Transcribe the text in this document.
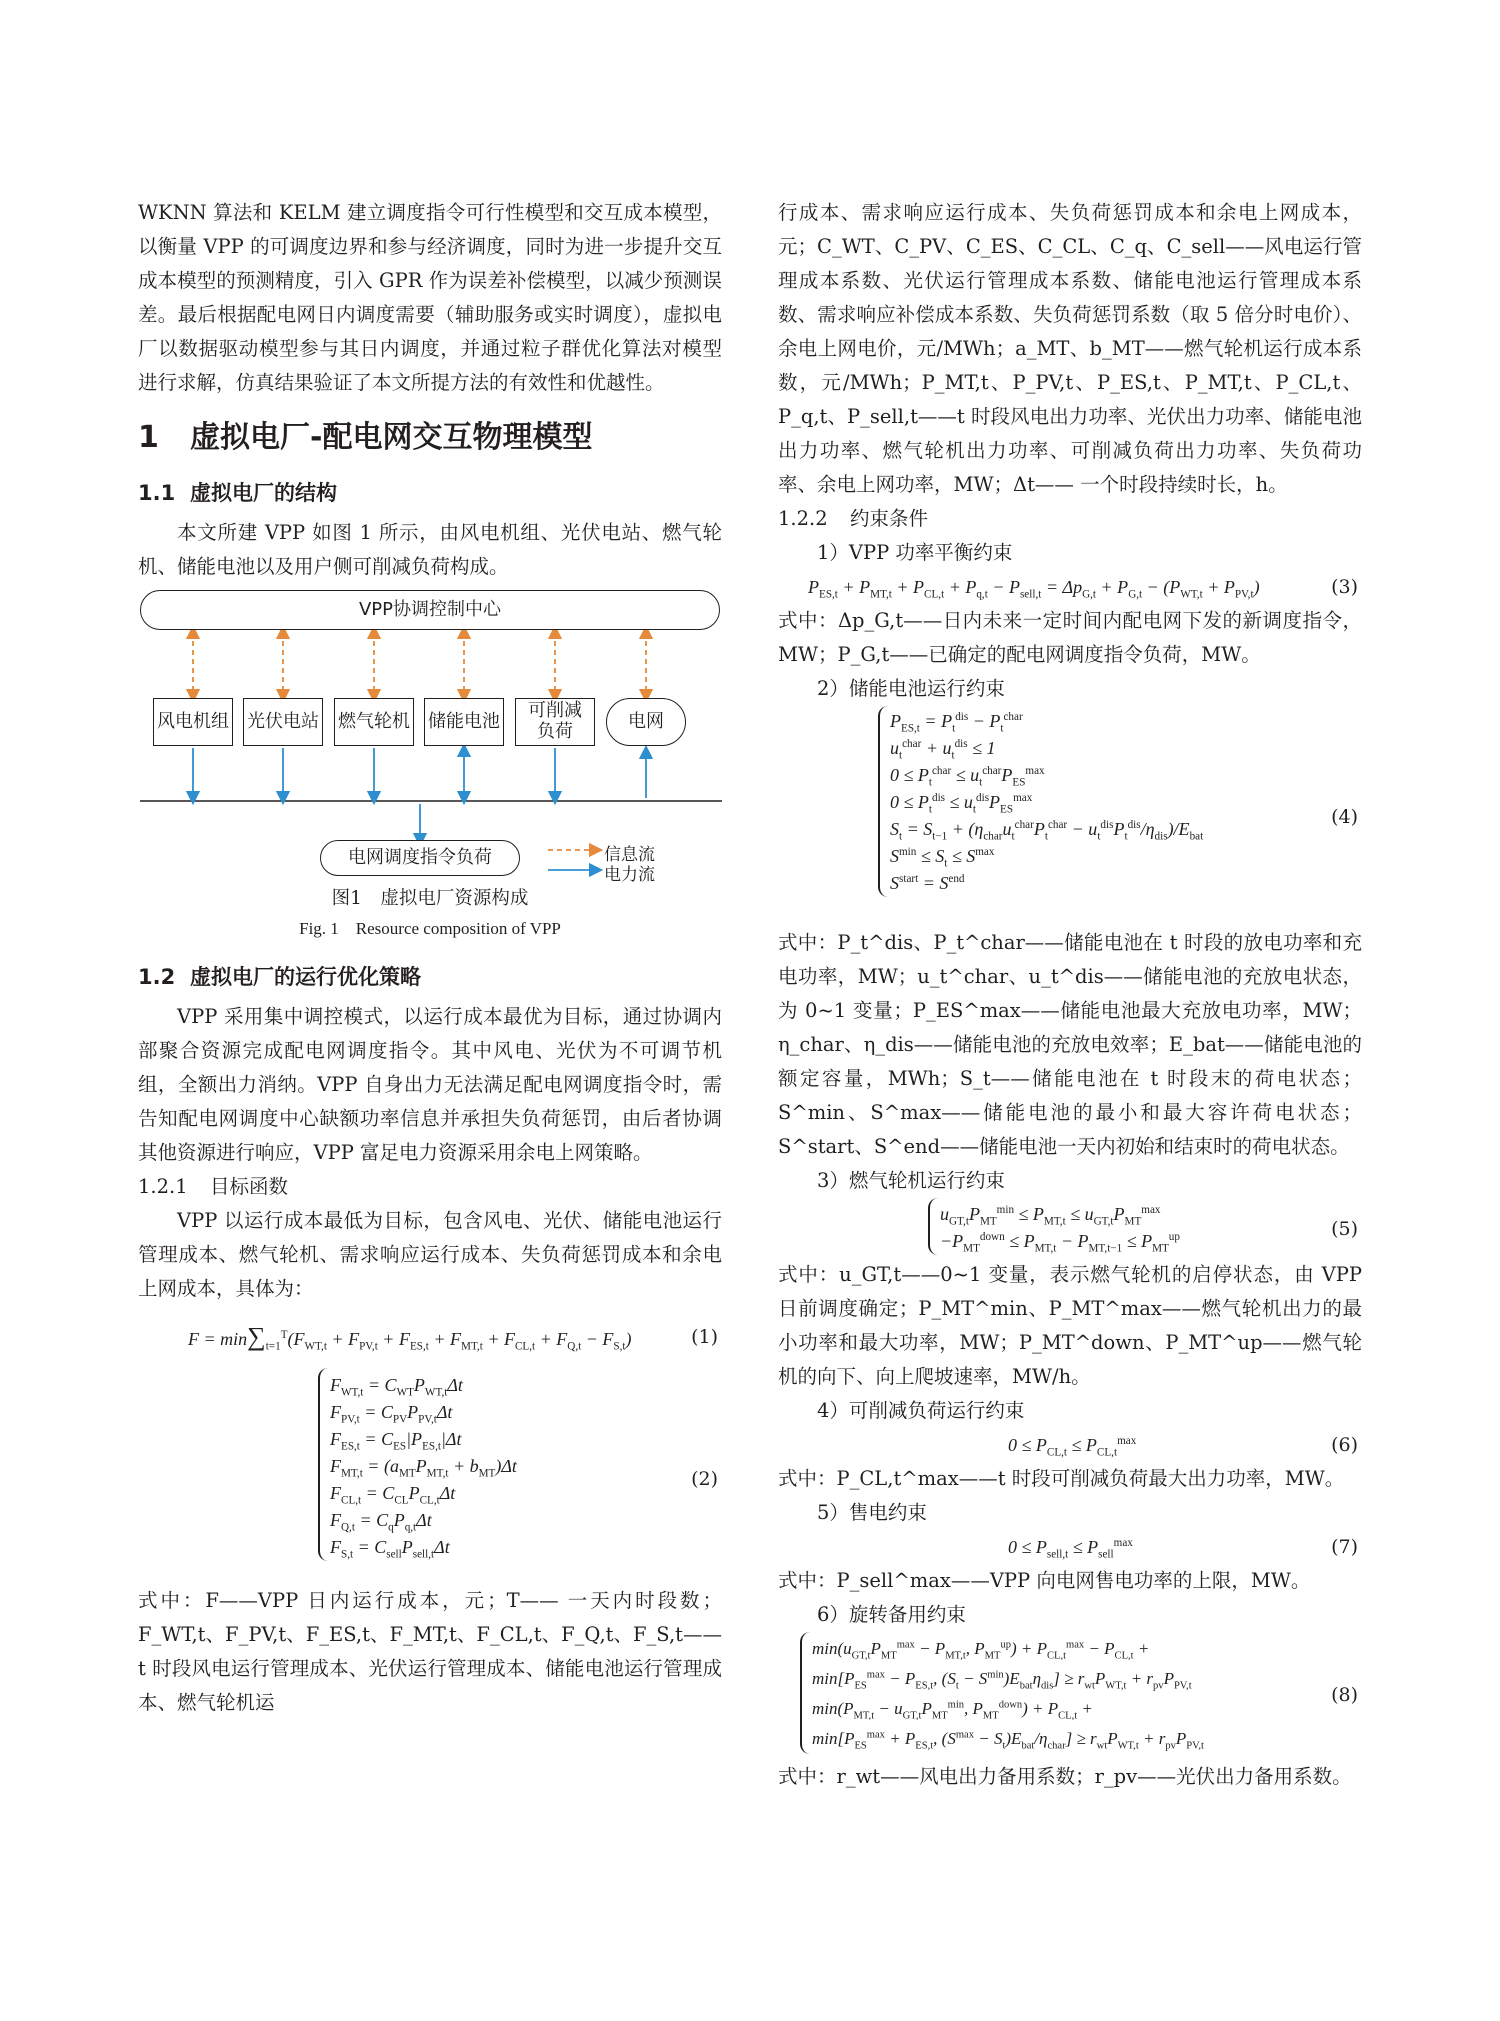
WKNN 算法和 KELM 建立调度指令可行性模型和交互成本模型，以衡量 VPP 的可调度边界和参与经济调度，同时为进一步提升交互成本模型的预测精度，引入 GPR 作为误差补偿模型，以减少预测误差。最后根据配电网日内调度需要（辅助服务或实时调度），虚拟电厂以数据驱动模型参与其日内调度，并通过粒子群优化算法对模型进行求解，仿真结果验证了本文所提方法的有效性和优越性。

1 虚拟电厂-配电网交互物理模型
1.1 虚拟电厂的结构

本文所建 VPP 如图 1 所示，由风电机组、光伏电站、燃气轮机、储能电池以及用户侧可削减负荷构成。

VPP协调控制中心
风电机组 光伏电站 燃气轮机 储能电池	可削减负荷	电网
电网调度指令负荷	信息流
电力流
图1　虚拟电厂资源构成
Fig. 1　Resource composition of VPP
1.2 虚拟电厂的运行优化策略

VPP 采用集中调控模式，以运行成本最优为目标，通过协调内部聚合资源完成配电网调度指令。其中风电、光伏为不可调节机组，全额出力消纳。VPP 自身出力无法满足配电网调度指令时，需告知配电网调度中心缺额功率信息并承担失负荷惩罚，由后者协调其他资源进行响应，VPP 富足电力资源采用余电上网策略。

1.2.1 目标函数

VPP 以运行成本最低为目标，包含风电、光伏、储能电池运行管理成本、燃气轮机、需求响应运行成本、失负荷惩罚成本和余电上网成本，具体为：

$F = \min\sum_{t=1}^T(F_{WT,t} + F_{PV,t} + F_{ES,t} + F_{MT,t} + F_{CL,t} + F_{Q,t} - F_{S,t})$	(1)
$F_{WT,t} = C_{WT}P_{WT,t}\Delta t$
$F_{PV,t} = C_{PV}P_{PV,t}\Delta t$
$F_{ES,t} = C_{ES}|P_{ES,t}|\Delta t$
$F_{MT,t} = (a_{MT}P_{MT,t} + b_{MT})\Delta t$
$F_{CL,t} = C_{CL}P_{CL,t}\Delta t$
$F_{Q,t} = C_qP_{q,t}\Delta t$
$F_{S,t} = C_{sell}P_{sell,t}\Delta t$
(2)

式中：F——VPP 日内运行成本，元；T—— 一天内时段数；F_WT,t、F_PV,t、F_ES,t、F_MT,t、F_CL,t、F_Q,t、F_S,t——t 时段风电运行管理成本、光伏运行管理成本、储能电池运行管理成本、燃气轮机运

行成本、需求响应运行成本、失负荷惩罚成本和余电上网成本，元；C_WT、C_PV、C_ES、C_CL、C_q、C_sell——风电运行管理成本系数、光伏运行管理成本系数、储能电池运行管理成本系数、需求响应补偿成本系数、失负荷惩罚系数（取 5 倍分时电价）、余电上网电价，元/MWh；a_MT、b_MT——燃气轮机运行成本系数，元/MWh；P_MT,t、P_PV,t、P_ES,t、P_MT,t、P_CL,t、P_q,t、P_sell,t——t 时段风电出力功率、光伏出力功率、储能电池出力功率、燃气轮机出力功率、可削减负荷出力功率、失负荷功率、余电上网功率，MW；Δt—— 一个时段持续时长，h。

1.2.2 约束条件

1）VPP 功率平衡约束

$P_{ES,t} + P_{MT,t} + P_{CL,t} + P_{q,t} - P_{sell,t} = \Delta p_{G,t} + P_{G,t} - (P_{WT,t} + P_{PV,t})$	(3)

式中：Δp_G,t——日内未来一定时间内配电网下发的新调度指令，MW；P_G,t——已确定的配电网调度指令负荷，MW。

2）储能电池运行约束

$P_{ES,t} = P_t^{dis} - P_t^{char}$
$u_t^{char} + u_t^{dis} \le 1$
$0 \le P_t^{char} \le u_t^{char}P_{ES}^{max}$
$0 \le P_t^{dis} \le u_t^{dis}P_{ES}^{max}$
$S_t = S_{t-1} + (\eta_{char}u_t^{char}P_t^{char} - u_t^{dis}P_t^{dis}/\eta_{dis})/E_{bat}$
$S^{min} \le S_t \le S^{max}$
$S^{start} = S^{end}$
(4)

式中：P_t^dis、P_t^char——储能电池在 t 时段的放电功率和充电功率，MW；u_t^char、u_t^dis——储能电池的充放电状态，为 0~1 变量；P_ES^max——储能电池最大充放电功率，MW；η_char、η_dis——储能电池的充放电效率；E_bat——储能电池的额定容量，MWh；S_t——储能电池在 t 时段末的荷电状态；S^min、S^max——储能电池的最小和最大容许荷电状态；S^start、S^end——储能电池一天内初始和结束时的荷电状态。

3）燃气轮机运行约束

$u_{GT,t}P_{MT}^{min} \le P_{MT,t} \le u_{GT,t}P_{MT}^{max}$
$-P_{MT}^{down} \le P_{MT,t} - P_{MT,t-1} \le P_{MT}^{up}$	(5)

式中：u_GT,t——0~1 变量，表示燃气轮机的启停状态，由 VPP 日前调度确定；P_MT^min、P_MT^max——燃气轮机出力的最小功率和最大功率，MW；P_MT^down、P_MT^up——燃气轮机的向下、向上爬坡速率，MW/h。

4）可削减负荷运行约束

$0 \le P_{CL,t} \le P_{CL,t}^{max}$	(6)

式中：P_CL,t^max——t 时段可削减负荷最大出力功率，MW。

5）售电约束

$0 \le P_{sell,t} \le P_{sell}^{max}$	(7)

式中：P_sell^max——VPP 向电网售电功率的上限，MW。

6）旋转备用约束

$\min(u_{GT,t}P_{MT}^{max} - P_{MT,t}$, $P_{MT}^{up}) + P_{CL,t}^{max} - P_{CL,t}$ +
$\min[P_{ES}^{max} - P_{ES,t}$, $(S_t - S^{min})E_{bat}\eta_{dis}] \ge r_{wt}P_{WT,t} + r_{pv}P_{PV,t}$
$\min(P_{MT,t} - u_{GT,t}P_{MT}^{min}$, $P_{MT}^{down}) + P_{CL,t}$ +
$\min[P_{ES}^{max} + P_{ES,t}$, $(S^{max} - S_t)E_{bat}/\eta_{char}] \ge r_{wt}P_{WT,t} + r_{pv}P_{PV,t}$
(8)

式中：r_wt——风电出力备用系数；r_pv——光伏出力备用系数。
